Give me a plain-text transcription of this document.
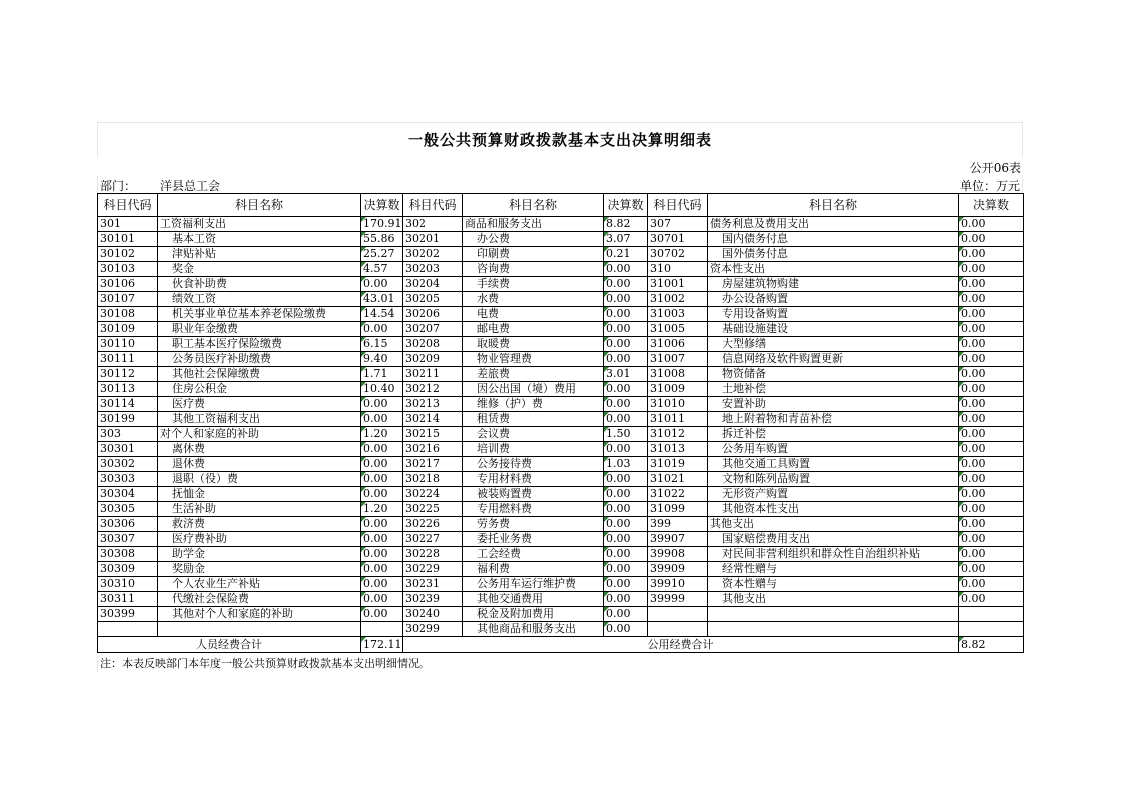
一般公共预算财政拨款基本支出决算明细表
公开06表
部门： 洋县总工会	单位：万元
科目代码	科目名称	决算数	科目代码	科目名称	决算数	科目代码	科目名称	决算数
301	工资福利支出	170.91	302	商品和服务支出	8.82	307	债务利息及费用支出	0.00
30101	基本工资	55.86	30201	办公费	3.07	30701	国内债务付息	0.00
30102	津贴补贴	25.27	30202	印刷费	0.21	30702	国外债务付息	0.00
30103	奖金	4.57	30203	咨询费	0.00	310	资本性支出	0.00
30106	伙食补助费	0.00	30204	手续费	0.00	31001	房屋建筑物购建	0.00
30107	绩效工资	43.01	30205	水费	0.00	31002	办公设备购置	0.00
30108	机关事业单位基本养老保险缴费	14.54	30206	电费	0.00	31003	专用设备购置	0.00
30109	职业年金缴费	0.00	30207	邮电费	0.00	31005	基础设施建设	0.00
30110	职工基本医疗保险缴费	6.15	30208	取暖费	0.00	31006	大型修缮	0.00
30111	公务员医疗补助缴费	9.40	30209	物业管理费	0.00	31007	信息网络及软件购置更新	0.00
30112	其他社会保障缴费	1.71	30211	差旅费	3.01	31008	物资储备	0.00
30113	住房公积金	10.40	30212	因公出国（境）费用	0.00	31009	土地补偿	0.00
30114	医疗费	0.00	30213	维修（护）费	0.00	31010	安置补助	0.00
30199	其他工资福利支出	0.00	30214	租赁费	0.00	31011	地上附着物和青苗补偿	0.00
303	对个人和家庭的补助	1.20	30215	会议费	1.50	31012	拆迁补偿	0.00
30301	离休费	0.00	30216	培训费	0.00	31013	公务用车购置	0.00
30302	退休费	0.00	30217	公务接待费	1.03	31019	其他交通工具购置	0.00
30303	退职（役）费	0.00	30218	专用材料费	0.00	31021	文物和陈列品购置	0.00
30304	抚恤金	0.00	30224	被装购置费	0.00	31022	无形资产购置	0.00
30305	生活补助	1.20	30225	专用燃料费	0.00	31099	其他资本性支出	0.00
30306	救济费	0.00	30226	劳务费	0.00	399	其他支出	0.00
30307	医疗费补助	0.00	30227	委托业务费	0.00	39907	国家赔偿费用支出	0.00
30308	助学金	0.00	30228	工会经费	0.00	39908	对民间非营利组织和群众性自治组织补贴	0.00
30309	奖励金	0.00	30229	福利费	0.00	39909	经常性赠与	0.00
30310	个人农业生产补贴	0.00	30231	公务用车运行维护费	0.00	39910	资本性赠与	0.00
30311	代缴社会保险费	0.00	30239	其他交通费用	0.00	39999	其他支出	0.00
30399	其他对个人和家庭的补助	0.00	30240	税金及附加费用	0.00			
			30299	其他商品和服务支出	0.00			
人员经费合计		172.11	公用经费合计					8.82
注：本表反映部门本年度一般公共预算财政拨款基本支出明细情况。
